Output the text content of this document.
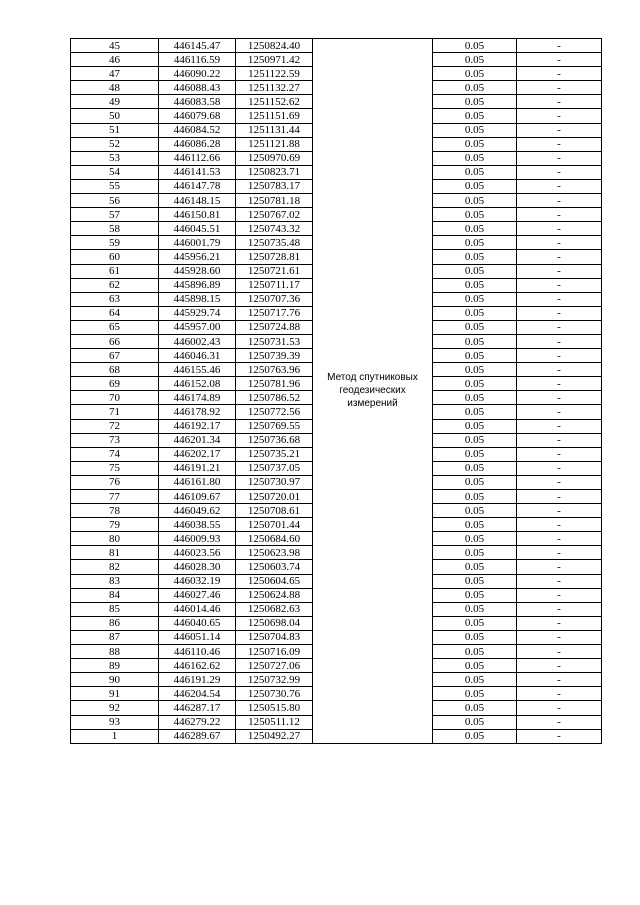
45	446145.47	1250824.40	Метод спутниковых геодезических измерений	0.05	-
46	446116.59	1250971.42		0.05	-
47	446090.22	1251122.59		0.05	-
48	446088.43	1251132.27		0.05	-
49	446083.58	1251152.62		0.05	-
50	446079.68	1251151.69		0.05	-
51	446084.52	1251131.44		0.05	-
52	446086.28	1251121.88		0.05	-
53	446112.66	1250970.69		0.05	-
54	446141.53	1250823.71		0.05	-
55	446147.78	1250783.17		0.05	-
56	446148.15	1250781.18		0.05	-
57	446150.81	1250767.02		0.05	-
58	446045.51	1250743.32		0.05	-
59	446001.79	1250735.48		0.05	-
60	445956.21	1250728.81		0.05	-
61	445928.60	1250721.61		0.05	-
62	445896.89	1250711.17		0.05	-
63	445898.15	1250707.36		0.05	-
64	445929.74	1250717.76		0.05	-
65	445957.00	1250724.88		0.05	-
66	446002.43	1250731.53		0.05	-
67	446046.31	1250739.39		0.05	-
68	446155.46	1250763.96		0.05	-
69	446152.08	1250781.96		0.05	-
70	446174.89	1250786.52		0.05	-
71	446178.92	1250772.56		0.05	-
72	446192.17	1250769.55		0.05	-
73	446201.34	1250736.68		0.05	-
74	446202.17	1250735.21		0.05	-
75	446191.21	1250737.05		0.05	-
76	446161.80	1250730.97		0.05	-
77	446109.67	1250720.01		0.05	-
78	446049.62	1250708.61		0.05	-
79	446038.55	1250701.44		0.05	-
80	446009.93	1250684.60		0.05	-
81	446023.56	1250623.98		0.05	-
82	446028.30	1250603.74		0.05	-
83	446032.19	1250604.65		0.05	-
84	446027.46	1250624.88		0.05	-
85	446014.46	1250682.63		0.05	-
86	446040.65	1250698.04		0.05	-
87	446051.14	1250704.83		0.05	-
88	446110.46	1250716.09		0.05	-
89	446162.62	1250727.06		0.05	-
90	446191.29	1250732.99		0.05	-
91	446204.54	1250730.76		0.05	-
92	446287.17	1250515.80		0.05	-
93	446279.22	1250511.12		0.05	-
1	446289.67	1250492.27		0.05	-
